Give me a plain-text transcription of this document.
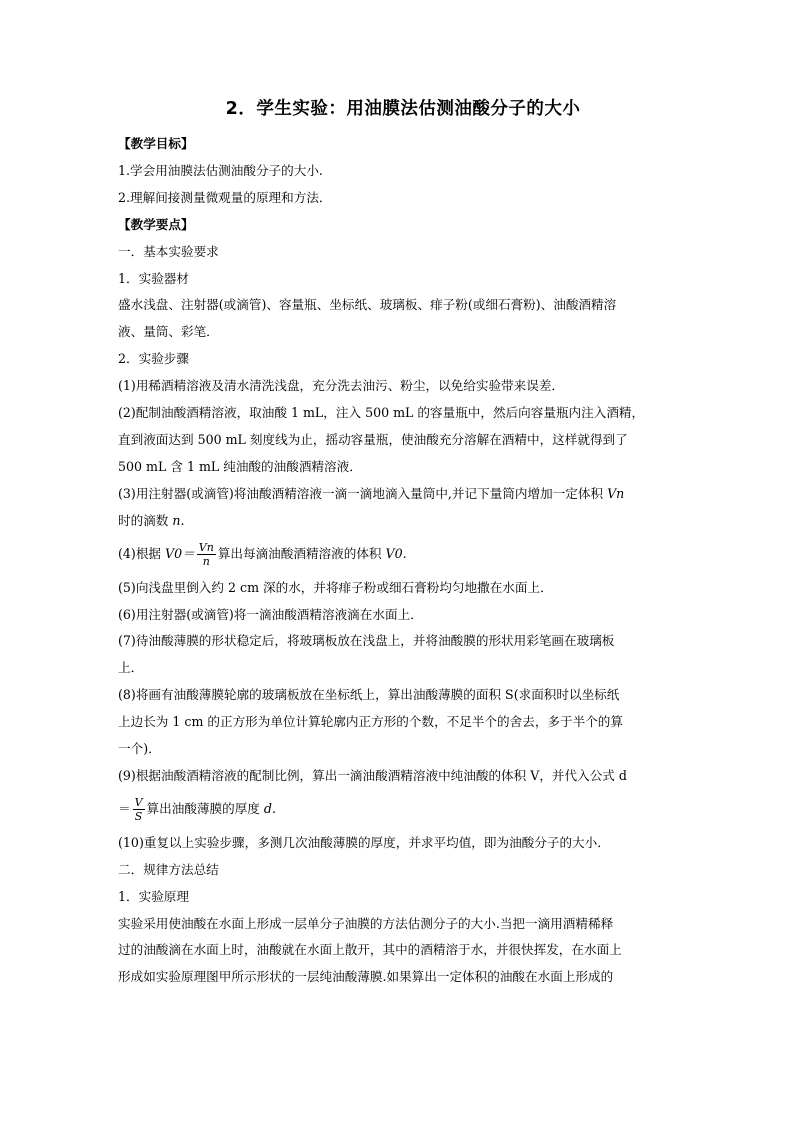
2．学生实验：用油膜法估测油酸分子的大小
【教学目标】
1.学会用油膜法估测油酸分子的大小.
2.理解间接测量微观量的原理和方法．
【教学要点】
一．基本实验要求
1．实验器材
盛水浅盘、注射器(或滴管)、容量瓶、坐标纸、玻璃板、痱子粉(或细石膏粉)、油酸酒精溶
液、量筒、彩笔．
2．实验步骤
(1)用稀酒精溶液及清水清洗浅盘，充分洗去油污、粉尘，以免给实验带来误差．
(2)配制油酸酒精溶液，取油酸 1 mL，注入 500 mL 的容量瓶中，然后向容量瓶内注入酒精，
直到液面达到 500 mL 刻度线为止，摇动容量瓶，使油酸充分溶解在酒精中，这样就得到了
500 mL 含 1 mL 纯油酸的油酸酒精溶液．
(3)用注射器(或滴管)将油酸酒精溶液一滴一滴地滴入量筒中,并记下量筒内增加一定体积 Vn
时的滴数 n.
(4)根据
$V0= \frac{Vn}{n}$ 算出每滴油酸酒精溶液的体积
V0.
(5)向浅盘里倒入约 2 cm 深的水，并将痱子粉或细石膏粉均匀地撒在水面上．
(6)用注射器(或滴管)将一滴油酸酒精溶液滴在水面上．
(7)待油酸薄膜的形状稳定后，将玻璃板放在浅盘上，并将油酸膜的形状用彩笔画在玻璃板
上．
(8)将画有油酸薄膜轮廓的玻璃板放在坐标纸上，算出油酸薄膜的面积 S(求面积时以坐标纸
上边长为 1 cm 的正方形为单位计算轮廓内正方形的个数，不足半个的舍去，多于半个的算
一个)．
(9)根据油酸酒精溶液的配制比例，算出一滴油酸酒精溶液中纯油酸的体积 V，并代入公式 d
＝ $\frac{V}{S}$ 算出油酸薄膜的厚度
d.
(10)重复以上实验步骤，多测几次油酸薄膜的厚度，并求平均值，即为油酸分子的大小．
二．规律方法总结
1．实验原理
实验采用使油酸在水面上形成一层单分子油膜的方法估测分子的大小.当把一滴用酒精稀释
过的油酸滴在水面上时，油酸就在水面上散开，其中的酒精溶于水，并很快挥发，在水面上
形成如实验原理图甲所示形状的一层纯油酸薄膜.如果算出一定体积的油酸在水面上形成的
